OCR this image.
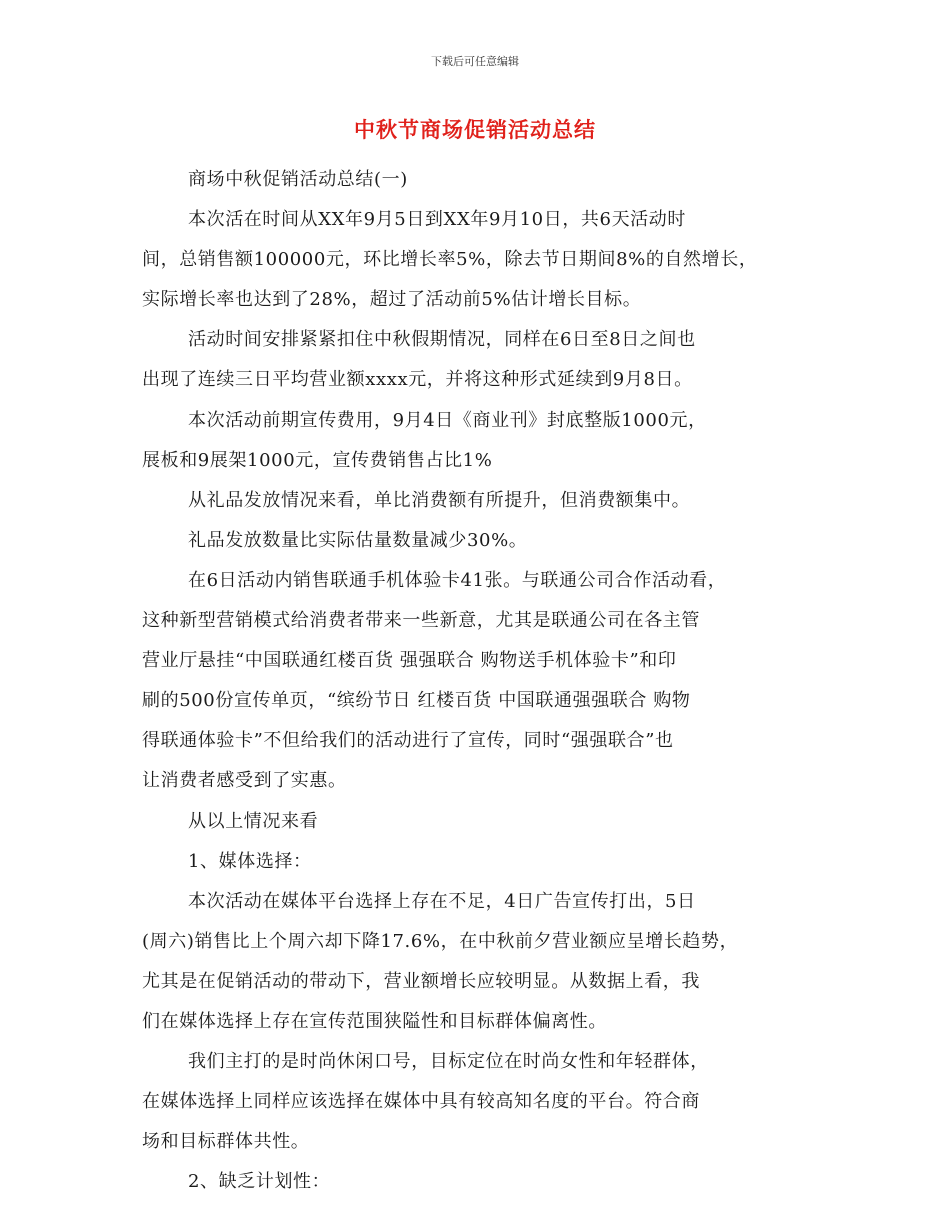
下载后可任意编辑
中秋节商场促销活动总结
商场中秋促销活动总结(一)
本次活在时间从XX年9月5日到XX年9月10日，共6天活动时
间，总销售额100000元，环比增长率5%，除去节日期间8%的自然增长，
实际增长率也达到了28%，超过了活动前5%估计增长目标。
活动时间安排紧紧扣住中秋假期情况，同样在6日至8日之间也
出现了连续三日平均营业额xxxx元，并将这种形式延续到9月8日。
本次活动前期宣传费用，9月4日《商业刊》封底整版1000元，
展板和9展架1000元，宣传费销售占比1%
从礼品发放情况来看，单比消费额有所提升，但消费额集中。
礼品发放数量比实际估量数量减少30%。
在6日活动内销售联通手机体验卡41张。与联通公司合作活动看，
这种新型营销模式给消费者带来一些新意，尤其是联通公司在各主管
营业厅悬挂“中国联通红楼百货 强强联合 购物送手机体验卡”和印
刷的500份宣传单页，“缤纷节日 红楼百货 中国联通强强联合 购物
得联通体验卡”不但给我们的活动进行了宣传，同时“强强联合”也
让消费者感受到了实惠。
从以上情况来看
1、媒体选择：
本次活动在媒体平台选择上存在不足，4日广告宣传打出，5日
(周六)销售比上个周六却下降17.6%，在中秋前夕营业额应呈增长趋势，
尤其是在促销活动的带动下，营业额增长应较明显。从数据上看，我
们在媒体选择上存在宣传范围狭隘性和目标群体偏离性。
我们主打的是时尚休闲口号，目标定位在时尚女性和年轻群体，
在媒体选择上同样应该选择在媒体中具有较高知名度的平台。符合商
场和目标群体共性。
2、缺乏计划性：
